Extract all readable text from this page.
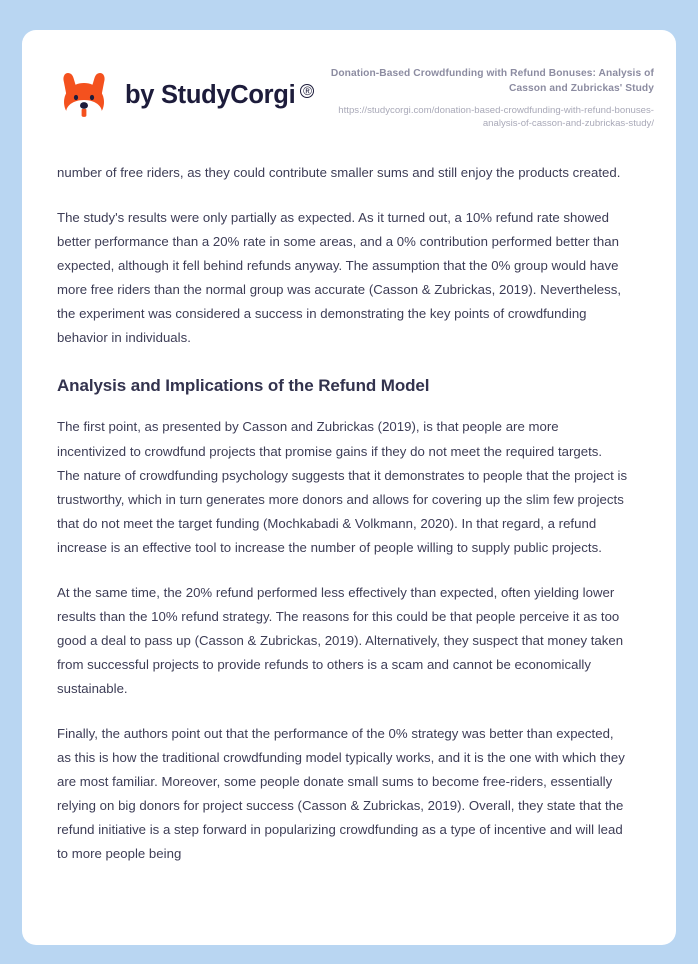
by StudyCorgi ®

Donation-Based Crowdfunding with Refund Bonuses: Analysis of Casson and Zubrickas' Study

https://studycorgi.com/donation-based-crowdfunding-with-refund-bonuses-analysis-of-casson-and-zubrickas-study/

number of free riders, as they could contribute smaller sums and still enjoy the products created.

The study's results were only partially as expected. As it turned out, a 10% refund rate showed better performance than a 20% rate in some areas, and a 0% contribution performed better than expected, although it fell behind refunds anyway. The assumption that the 0% group would have more free riders than the normal group was accurate (Casson & Zubrickas, 2019). Nevertheless, the experiment was considered a success in demonstrating the key points of crowdfunding behavior in individuals.

Analysis and Implications of the Refund Model

The first point, as presented by Casson and Zubrickas (2019), is that people are more incentivized to crowdfund projects that promise gains if they do not meet the required targets. The nature of crowdfunding psychology suggests that it demonstrates to people that the project is trustworthy, which in turn generates more donors and allows for covering up the slim few projects that do not meet the target funding (Mochkabadi & Volkmann, 2020). In that regard, a refund increase is an effective tool to increase the number of people willing to supply public projects.

At the same time, the 20% refund performed less effectively than expected, often yielding lower results than the 10% refund strategy. The reasons for this could be that people perceive it as too good a deal to pass up (Casson & Zubrickas, 2019). Alternatively, they suspect that money taken from successful projects to provide refunds to others is a scam and cannot be economically sustainable.

Finally, the authors point out that the performance of the 0% strategy was better than expected, as this is how the traditional crowdfunding model typically works, and it is the one with which they are most familiar. Moreover, some people donate small sums to become free-riders, essentially relying on big donors for project success (Casson & Zubrickas, 2019). Overall, they state that the refund initiative is a step forward in popularizing crowdfunding as a type of incentive and will lead to more people being
